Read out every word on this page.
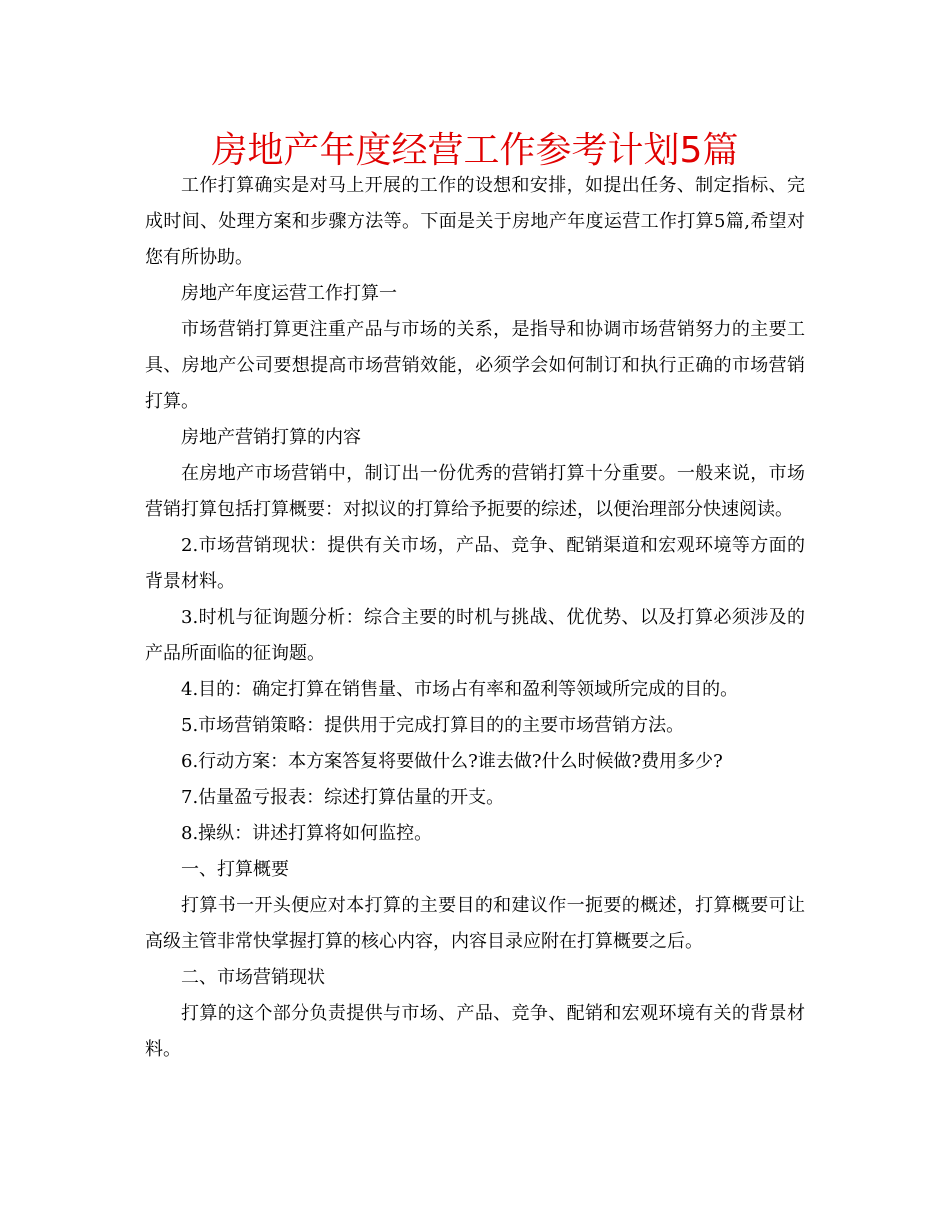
房地产年度经营工作参考计划5篇

工作打算确实是对马上开展的工作的设想和安排，如提出任务、制定指标、完成时间、处理方案和步骤方法等。下面是关于房地产年度运营工作打算5篇,希望对您有所协助。

房地产年度运营工作打算一

市场营销打算更注重产品与市场的关系，是指导和协调市场营销努力的主要工具、房地产公司要想提高市场营销效能，必须学会如何制订和执行正确的市场营销打算。

房地产营销打算的内容

在房地产市场营销中，制订出一份优秀的营销打算十分重要。一般来说，市场营销打算包括打算概要：对拟议的打算给予扼要的综述，以便治理部分快速阅读。

2.市场营销现状：提供有关市场，产品、竞争、配销渠道和宏观环境等方面的背景材料。

3.时机与征询题分析：综合主要的时机与挑战、优优势、以及打算必须涉及的产品所面临的征询题。

4.目的：确定打算在销售量、市场占有率和盈利等领域所完成的目的。

5.市场营销策略：提供用于完成打算目的的主要市场营销方法。

6.行动方案：本方案答复将要做什么?谁去做?什么时候做?费用多少?

7.估量盈亏报表：综述打算估量的开支。

8.操纵：讲述打算将如何监控。

一、打算概要

打算书一开头便应对本打算的主要目的和建议作一扼要的概述，打算概要可让高级主管非常快掌握打算的核心内容，内容目录应附在打算概要之后。

二、市场营销现状

打算的这个部分负责提供与市场、产品、竞争、配销和宏观环境有关的背景材料。
